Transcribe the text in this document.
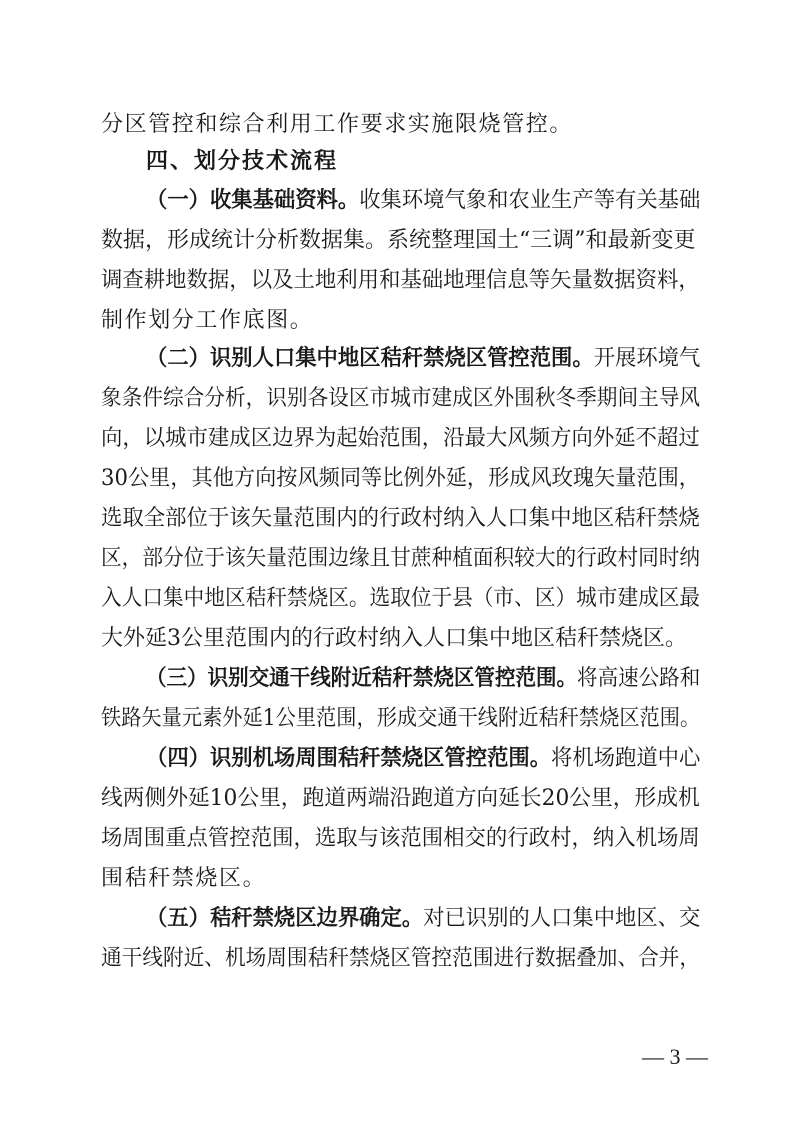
分区管控和综合利用工作要求实施限烧管控。
四、划分技术流程
（一）收集基础资料。收集环境气象和农业生产等有关基础
数据，形成统计分析数据集。系统整理国土“三调”和最新变更
调查耕地数据，以及土地利用和基础地理信息等矢量数据资料，
制作划分工作底图。
（二）识别人口集中地区秸秆禁烧区管控范围。开展环境气
象条件综合分析，识别各设区市城市建成区外围秋冬季期间主导风
向，以城市建成区边界为起始范围，沿最大风频方向外延不超过
30公里，其他方向按风频同等比例外延，形成风玫瑰矢量范围，
选取全部位于该矢量范围内的行政村纳入人口集中地区秸秆禁烧
区，部分位于该矢量范围边缘且甘蔗种植面积较大的行政村同时纳
入人口集中地区秸秆禁烧区。选取位于县（市、区）城市建成区最
大外延3公里范围内的行政村纳入人口集中地区秸秆禁烧区。
（三）识别交通干线附近秸秆禁烧区管控范围。将高速公路和
铁路矢量元素外延1公里范围，形成交通干线附近秸秆禁烧区范围。
（四）识别机场周围秸秆禁烧区管控范围。将机场跑道中心
线两侧外延10公里，跑道两端沿跑道方向延长20公里，形成机
场周围重点管控范围，选取与该范围相交的行政村，纳入机场周
围秸秆禁烧区。
（五）秸秆禁烧区边界确定。对已识别的人口集中地区、交
通干线附近、机场周围秸秆禁烧区管控范围进行数据叠加、合并，
— 3 —
